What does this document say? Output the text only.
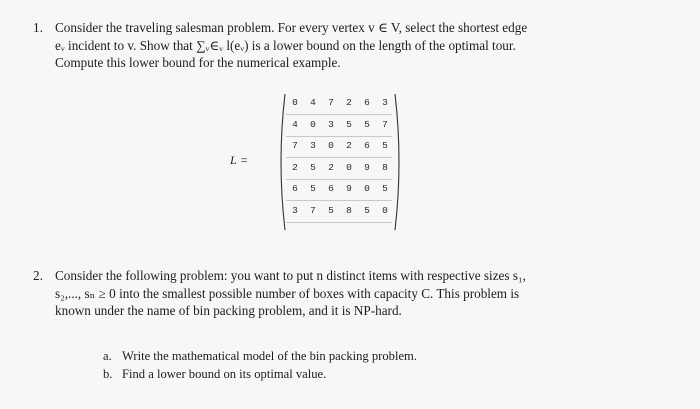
1. Consider the traveling salesman problem. For every vertex v ∈ V, select the shortest edge
eᵥ incident to v. Show that ∑ᵥ∈ᵥ l(eᵥ) is a lower bound on the length of the optimal tour.
Compute this lower bound for the numerical example.
L =
0	4	7	2	6	3
4	0	3	5	5	7
7	3	0	2	6	5
2	5	2	0	9	8
6	5	6	9	0	5
3	7	5	8	5	0
2. Consider the following problem: you want to put n distinct items with respective sizes s₁,
s₂,..., sₙ ≥ 0 into the smallest possible number of boxes with capacity C. This problem is
known under the name of bin packing problem, and it is NP-hard.
a. Write the mathematical model of the bin packing problem.
b. Find a lower bound on its optimal value.
